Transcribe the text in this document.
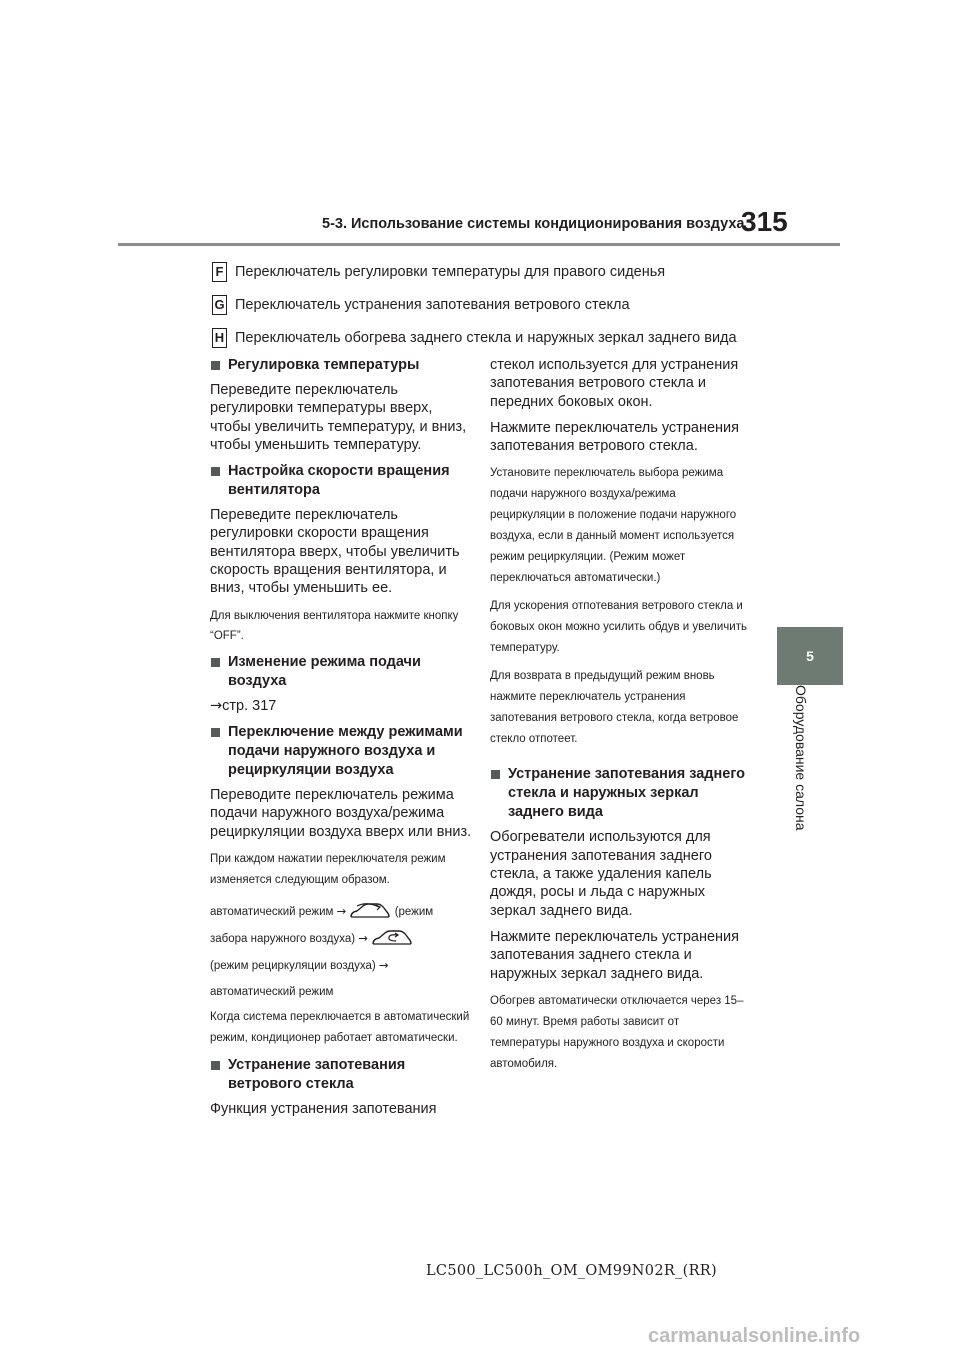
5-3. Использование системы кондиционирования воздуха
315
5
Оборудование салона
F Переключатель регулировки температуры для правого сиденья
G Переключатель устранения запотевания ветрового стекла
H Переключатель обогрева заднего стекла и наружных зеркал заднего вида
Регулировка температуры
Переведите переключатель регулировки температуры вверх, чтобы увеличить температуру, и вниз, чтобы уменьшить температуру.
Настройка скорости вращения вентилятора
Переведите переключатель регулировки скорости вращения вентилятора вверх, чтобы увеличить скорость вращения вентилятора, и вниз, чтобы уменьшить ее.
Для выключения вентилятора нажмите кнопку “OFF”.
Изменение режима подачи воздуха
→стр. 317
Переключение между режимами подачи наружного воздуха и рециркуляции воздуха
Переводите переключатель режима подачи наружного воздуха/режима рециркуляции воздуха вверх или вниз.
При каждом нажатии переключателя режим изменяется следующим образом.
автоматический режим →	(режим забора наружного воздуха) →
(режим рециркуляции воздуха) →
автоматический режим
Когда система переключается в автоматический режим, кондиционер работает автоматически.
Устранение запотевания ветрового стекла
Функция устранения запотевания
стекол используется для устранения запотевания ветрового стекла и передних боковых окон.
Нажмите переключатель устранения запотевания ветрового стекла.
Установите переключатель выбора режима подачи наружного воздуха/режима рециркуляции в положение подачи наружного воздуха, если в данный момент используется режим рециркуляции. (Режим может переключаться автоматически.)
Для ускорения отпотевания ветрового стекла и боковых окон можно усилить обдув и увеличить температуру.
Для возврата в предыдущий режим вновь нажмите переключатель устранения запотевания ветрового стекла, когда ветровое стекло отпотеет.
Устранение запотевания заднего стекла и наружных зеркал заднего вида
Обогреватели используются для устранения запотевания заднего стекла, а также удаления капель дождя, росы и льда с наружных зеркал заднего вида.
Нажмите переключатель устранения запотевания заднего стекла и наружных зеркал заднего вида.
Обогрев автоматически отключается через 15–60 минут. Время работы зависит от температуры наружного воздуха и скорости автомобиля.
LC500_LC500h_OM_OM99N02R_(RR)
carmanualsonline.info
